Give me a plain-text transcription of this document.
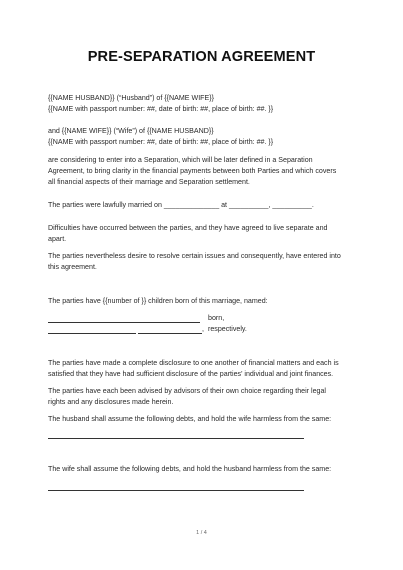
PRE-SEPARATION AGREEMENT
{{NAME HUSBAND}} (“Husband”) of {{NAME WIFE}}
{{NAME with passport number: ##, date of birth: ##, place of birth: ##. }}
and {{NAME WIFE}} (“Wife”) of {{NAME HUSBAND}}
{{NAME with passport number: ##, date of birth: ##, place of birth: ##. }}
are considering to enter into a Separation, which will be later defined in a Separation
Agreement, to bring clarity in the financial payments between both Parties and which covers
all financial aspects of their marriage and Separation settlement.
The parties were lawfully married on ______________ at __________, __________.
Difficulties have occurred between the parties, and they have agreed to live separate and
apart.
The parties nevertheless desire to resolve certain issues and consequently, have entered into
this agreement.
The parties have {{number of }} children born of this marriage, named:
born,
, respectively.
The parties have made a complete disclosure to one another of financial matters and each is
satisfied that they have had sufficient disclosure of the parties' individual and joint finances.
The parties have each been advised by advisors of their own choice regarding their legal
rights and any disclosures made herein.
The husband shall assume the following debts, and hold the wife harmless from the same:
The wife shall assume the following debts, and hold the husband harmless from the same:
1 / 4
